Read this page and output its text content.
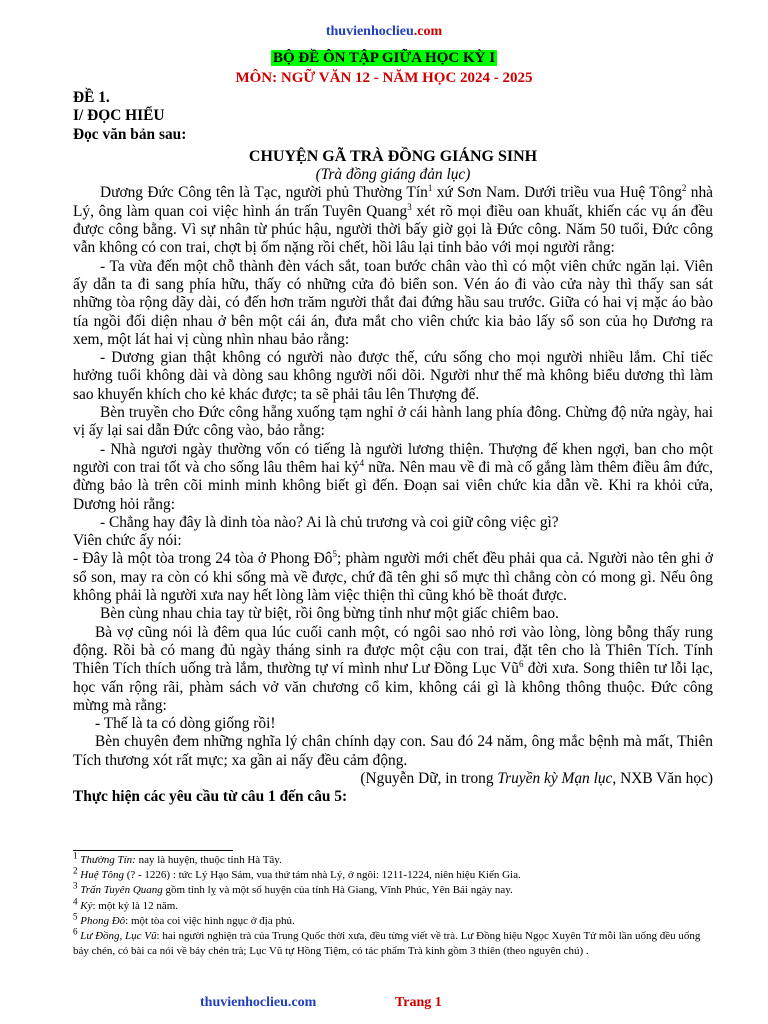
thuvienhoclieu.com
BỘ ĐỀ ÔN TẬP GIỮA HỌC KỲ I
MÔN: NGỮ VĂN 12 - NĂM HỌC 2024 - 2025

ĐỀ 1.

I/ ĐỌC HIỂU

Đọc văn bản sau:

CHUYỆN GÃ TRÀ ĐỒNG GIÁNG SINH

(Trà đồng giáng đản lục)

Dương Đức Công tên là Tạc, người phủ Thường Tín$^1$ xứ Sơn Nam. Dưới triều vua Huệ Tông$^2$ nhà Lý, ông làm quan coi việc hình án trấn Tuyên Quang$^3$ xét rõ mọi điều oan khuất, khiến các vụ án đều được công bằng. Vì sự nhân từ phúc hậu, người thời bấy giờ gọi là Đức công. Năm 50 tuổi, Đức công vẫn không có con trai, chợt bị ốm nặng rồi chết, hồi lâu lại tỉnh bảo với mọi người rằng:

- Ta vừa đến một chỗ thành đèn vách sắt, toan bước chân vào thì có một viên chức ngăn lại. Viên ấy dẫn ta đi sang phía hữu, thấy có những cửa đỏ biển son. Vén áo đi vào cửa này thì thấy san sát những tòa rộng dãy dài, có đến hơn trăm người thắt đai đứng hầu sau trước. Giữa có hai vị mặc áo bào tía ngồi đối diện nhau ở bên một cái án, đưa mắt cho viên chức kia bảo lấy sổ son của họ Dương ra xem, một lát hai vị cùng nhìn nhau bảo rằng:

- Dương gian thật không có người nào được thế, cứu sống cho mọi người nhiều lắm. Chỉ tiếc hưởng tuổi không dài và dòng sau không người nối dõi. Người như thế mà không biểu dương thì làm sao khuyến khích cho kẻ khác được; ta sẽ phải tâu lên Thượng đế.

Bèn truyền cho Đức công hẵng xuống tạm nghỉ ở cái hành lang phía đông. Chừng độ nửa ngày, hai vị ấy lại sai dẫn Đức công vào, bảo rằng:

- Nhà ngươi ngày thường vốn có tiếng là người lương thiện. Thượng đế khen ngợi, ban cho một người con trai tốt và cho sống lâu thêm hai kỷ$^4$ nữa. Nên mau về đi mà cố gắng làm thêm điều âm đức, đừng bảo là trên cõi minh minh không biết gì đến. Đoạn sai viên chức kia dẫn về. Khi ra khỏi cửa, Dương hỏi rằng:

- Chẳng hay đây là dinh tòa nào? Ai là chủ trương và coi giữ công việc gì?

Viên chức ấy nói:

- Đây là một tòa trong 24 tòa ở Phong $Đô^5$; phàm người mới chết đều phải qua cả. Người nào tên ghi ở sổ son, may ra còn có khi sống mà về được, chứ đã tên ghi sổ mực thì chẳng còn có mong gì. Nếu ông không phải là người xưa nay hết lòng làm việc thiện thì cũng khó bề thoát được.

Bèn cùng nhau chia tay từ biệt, rồi ông bừng tỉnh như một giấc chiêm bao.

Bà vợ cũng nói là đêm qua lúc cuối canh một, có ngôi sao nhỏ rơi vào lòng, lòng bỗng thấy rung động. Rồi bà có mang đủ ngày tháng sinh ra được một cậu con trai, đặt tên cho là Thiên Tích. Tính Thiên Tích thích uống trà lắm, thường tự ví mình như Lư Đồng Lục $Vũ^6$ đời xưa. Song thiên tư lỗi lạc, học vấn rộng rãi, phàm sách vở văn chương cổ kim, không cái gì là không thông thuộc. Đức công mừng mà rằng:

- Thế là ta có dòng giống rồi!

Bèn chuyên đem những nghĩa lý chân chính dạy con. Sau đó 24 năm, ông mắc bệnh mà mất, Thiên Tích thương xót rất mực; xa gần ai nấy đều cảm động.

(Nguyễn Dữ, in trong Truyền kỳ Mạn lục, NXB Văn học)

Thực hiện các yêu cầu từ câu 1 đến câu 5:

$^1$ Thường Tín: nay là huyện, thuộc tỉnh Hà Tây.

$^2$ Huệ Tông (? - 1226) : tức Lý Hạo Sảm, vua thứ tám nhà Lý, ở ngôi: 1211-1224, niên hiệu Kiến Gia.

$^3$ Trấn Tuyên Quang gồm tỉnh lỵ và một số huyện của tỉnh Hà Giang, Vĩnh Phúc, Yên Bái ngày nay.

$^4$ Kỷ: một kỷ là 12 năm.

$^5$ Phong Đô: một tòa coi việc hình ngục ở địa phủ.

$^6$ Lư Đồng, Lục Vũ: hai người nghiện trà của Trung Quốc thời xưa, đều từng viết về trà. Lư Đồng hiệu Ngọc Xuyên Tử mỗi lần uống đều uống bảy chén, có bài ca nói về bảy chén trà; Lục Vũ tự Hồng Tiệm, có tác phẩm Trà kinh gồm 3 thiên (theo nguyên chú) .

thuvienhoclieu.com	Trang 1
